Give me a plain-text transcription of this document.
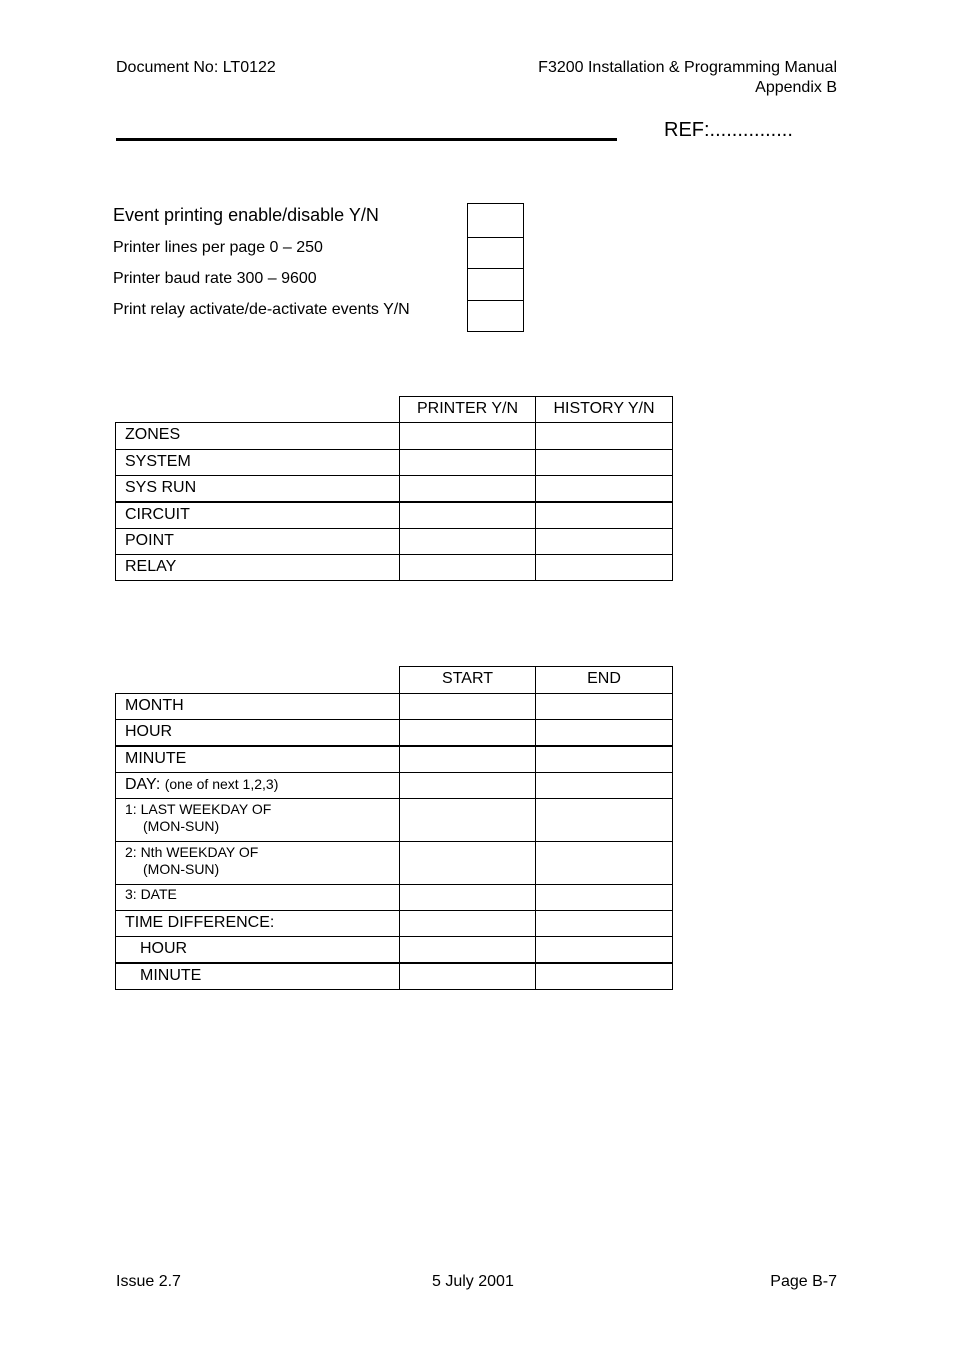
Document No: LT0122	F3200 Installation & Programming Manual
Appendix B
REF:...............
Event printing enable/disable Y/N
Printer lines per page 0 – 250
Printer baud rate 300 – 9600
Print relay activate/de-activate events Y/N
PRINTER Y/N	HISTORY Y/N
ZONES
SYSTEM
SYS RUN
CIRCUIT
POINT
RELAY
START	END
MONTH
HOUR
MINUTE
DAY: (one of next 1,2,3)
1: LAST WEEKDAY OF
(MON-SUN)
2: Nth WEEKDAY OF
(MON-SUN)
3: DATE
TIME DIFFERENCE:
HOUR
MINUTE
Issue 2.7	5 July 2001	Page B-7
